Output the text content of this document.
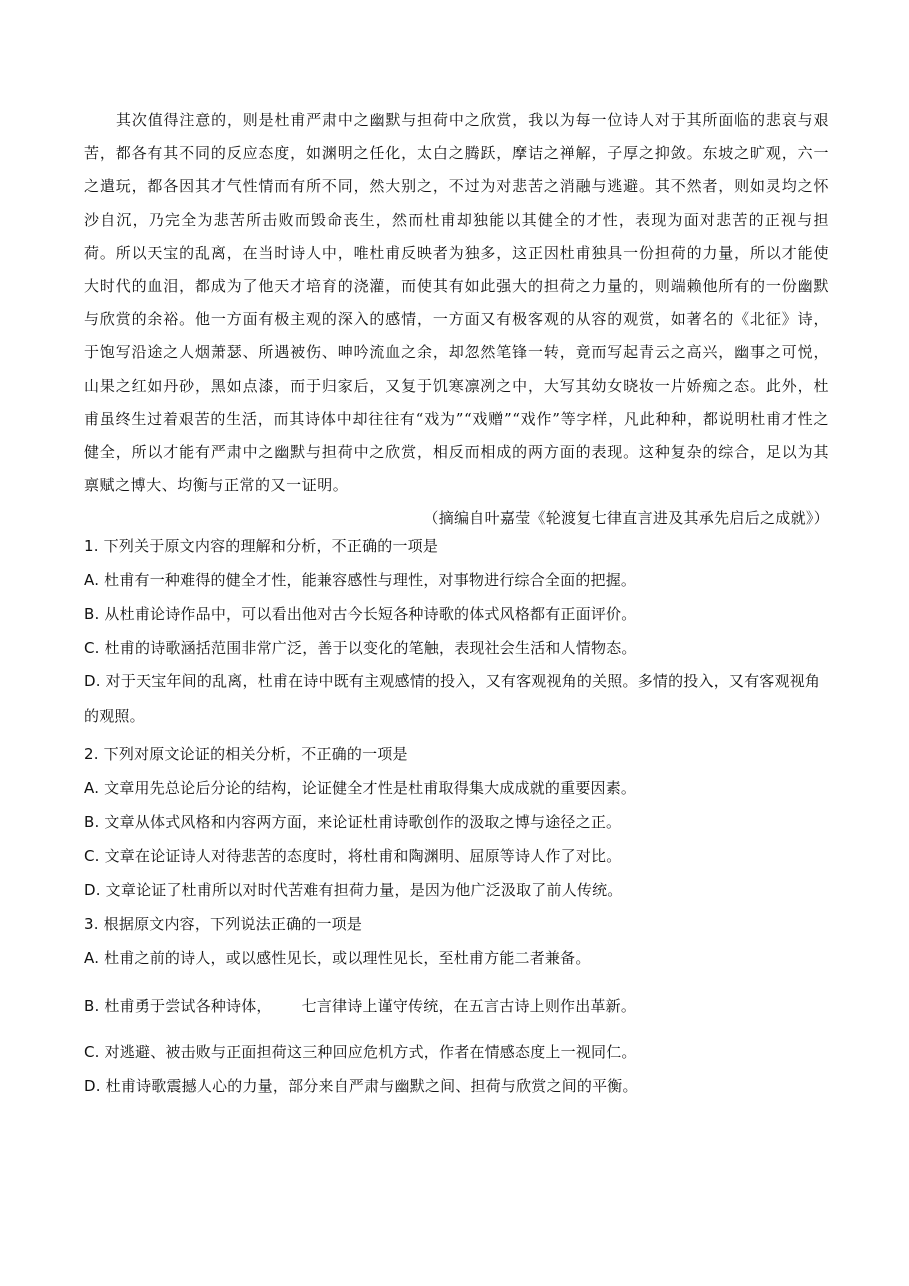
其次值得注意的，则是杜甫严肃中之幽默与担荷中之欣赏，我以为每一位诗人对于其所面临的悲哀与艰苦，都各有其不同的反应态度，如渊明之任化，太白之腾跃，摩诘之禅解，子厚之抑敛。东坡之旷观，六一之遣玩，都各因其才气性情而有所不同，然大别之，不过为对悲苦之消融与逃避。其不然者，则如灵均之怀沙自沉，乃完全为悲苦所击败而毁命丧生，然而杜甫却独能以其健全的才性，表现为面对悲苦的正视与担荷。所以天宝的乱离，在当时诗人中，唯杜甫反映者为独多，这正因杜甫独具一份担荷的力量，所以才能使大时代的血泪，都成为了他天才培育的浇灌，而使其有如此强大的担荷之力量的，则端赖他所有的一份幽默与欣赏的余裕。他一方面有极主观的深入的感情，一方面又有极客观的从容的观赏，如著名的《北征》诗，于饱写沿途之人烟萧瑟、所遇被伤、呻吟流血之余，却忽然笔锋一转，竟而写起青云之高兴，幽事之可悦，山果之红如丹砂，黑如点漆，而于归家后，又复于饥寒凛冽之中，大写其幼女晓妆一片娇痴之态。此外，杜甫虽终生过着艰苦的生活，而其诗体中却往往有“戏为”“戏赠”“戏作”等字样，凡此种种，都说明杜甫才性之健全，所以才能有严肃中之幽默与担荷中之欣赏，相反而相成的两方面的表现。这种复杂的综合，足以为其禀赋之博大、均衡与正常的又一证明。

（摘编自叶嘉莹《轮渡复七律直言进及其承先启后之成就》）

1. 下列关于原文内容的理解和分析，不正确的一项是

A. 杜甫有一种难得的健全才性，能兼容感性与理性，对事物进行综合全面的把握。

B. 从杜甫论诗作品中，可以看出他对古今长短各种诗歌的体式风格都有正面评价。

C. 杜甫的诗歌涵括范围非常广泛，善于以变化的笔触，表现社会生活和人情物态。

D. 对于天宝年间的乱离，杜甫在诗中既有主观感情的投入，又有客观视角的关照。多情的投入，又有客观视角的观照。

2. 下列对原文论证的相关分析，不正确的一项是

A. 文章用先总论后分论的结构，论证健全才性是杜甫取得集大成成就的重要因素。

B. 文章从体式风格和内容两方面，来论证杜甫诗歌创作的汲取之博与途径之正。

C. 文章在论证诗人对待悲苦的态度时，将杜甫和陶渊明、屈原等诗人作了对比。

D. 文章论证了杜甫所以对时代苦难有担荷力量，是因为他广泛汲取了前人传统。

3. 根据原文内容，下列说法正确的一项是

A. 杜甫之前的诗人，或以感性见长，或以理性见长，至杜甫方能二者兼备。

B. 杜甫勇于尝试各种诗体， 七言律诗上谨守传统，在五言古诗上则作出革新。

C. 对逃避、被击败与正面担荷这三种回应危机方式，作者在情感态度上一视同仁。

D. 杜甫诗歌震撼人心的力量，部分来自严肃与幽默之间、担荷与欣赏之间的平衡。
